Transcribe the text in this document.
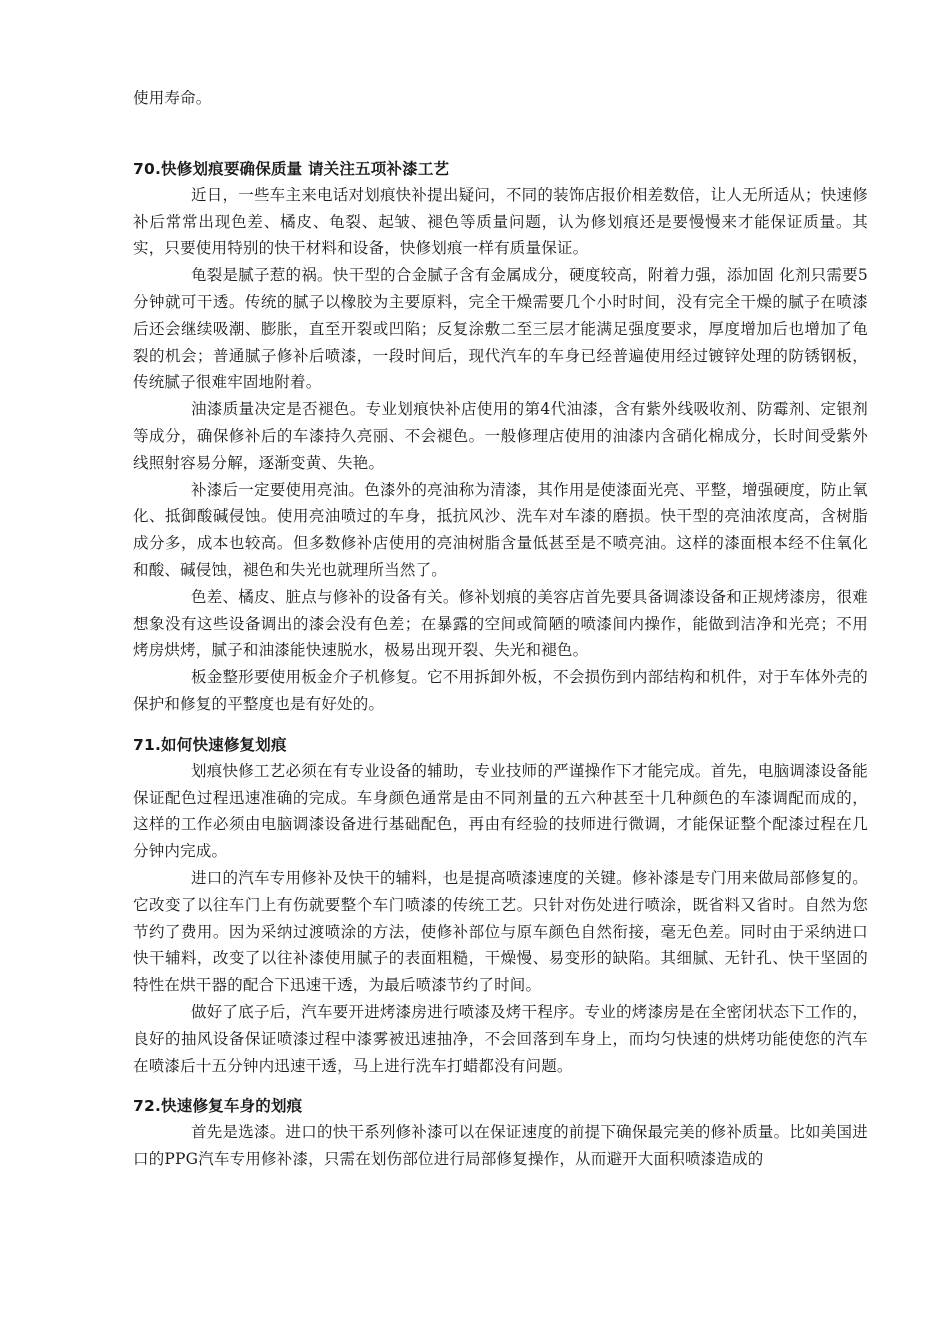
使用寿命。

70.快修划痕要确保质量 请关注五项补漆工艺

近日，一些车主来电话对划痕快补提出疑问，不同的装饰店报价相差数倍，让人无所适从；快速修补后常常出现色差、橘皮、龟裂、起皱、褪色等质量问题，认为修划痕还是要慢慢来才能保证质量。其实，只要使用特别的快干材料和设备，快修划痕一样有质量保证。

龟裂是腻子惹的祸。快干型的合金腻子含有金属成分，硬度较高，附着力强，添加固 化剂只需要5分钟就可干透。传统的腻子以橡胶为主要原料，完全干燥需要几个小时时间，没有完全干燥的腻子在喷漆后还会继续吸潮、膨胀，直至开裂或凹陷；反复涂敷二至三层才能满足强度要求，厚度增加后也增加了龟裂的机会；普通腻子修补后喷漆，一段时间后，现代汽车的车身已经普遍使用经过镀锌处理的防锈钢板，传统腻子很难牢固地附着。

油漆质量决定是否褪色。专业划痕快补店使用的第4代油漆，含有紫外线吸收剂、防霉剂、定银剂等成分，确保修补后的车漆持久亮丽、不会褪色。一般修理店使用的油漆内含硝化棉成分，长时间受紫外线照射容易分解，逐渐变黄、失艳。

补漆后一定要使用亮油。色漆外的亮油称为清漆，其作用是使漆面光亮、平整，增强硬度，防止氧化、抵御酸碱侵蚀。使用亮油喷过的车身，抵抗风沙、洗车对车漆的磨损。快干型的亮油浓度高，含树脂成分多，成本也较高。但多数修补店使用的亮油树脂含量低甚至是不喷亮油。这样的漆面根本经不住氧化和酸、碱侵蚀，褪色和失光也就理所当然了。

色差、橘皮、脏点与修补的设备有关。修补划痕的美容店首先要具备调漆设备和正规烤漆房，很难想象没有这些设备调出的漆会没有色差；在暴露的空间或简陋的喷漆间内操作，能做到洁净和光亮；不用烤房烘烤，腻子和油漆能快速脱水，极易出现开裂、失光和褪色。

板金整形要使用板金介子机修复。它不用拆卸外板，不会损伤到内部结构和机件，对于车体外壳的保护和修复的平整度也是有好处的。

71.如何快速修复划痕

划痕快修工艺必须在有专业设备的辅助，专业技师的严谨操作下才能完成。首先，电脑调漆设备能保证配色过程迅速准确的完成。车身颜色通常是由不同剂量的五六种甚至十几种颜色的车漆调配而成的，这样的工作必须由电脑调漆设备进行基础配色，再由有经验的技师进行微调，才能保证整个配漆过程在几分钟内完成。

进口的汽车专用修补及快干的辅料，也是提高喷漆速度的关键。修补漆是专门用来做局部修复的。它改变了以往车门上有伤就要整个车门喷漆的传统工艺。只针对伤处进行喷涂，既省料又省时。自然为您节约了费用。因为采纳过渡喷涂的方法，使修补部位与原车颜色自然衔接，毫无色差。同时由于采纳进口快干辅料，改变了以往补漆使用腻子的表面粗糙，干燥慢、易变形的缺陷。其细腻、无针孔、快干坚固的特性在烘干器的配合下迅速干透，为最后喷漆节约了时间。

做好了底子后，汽车要开进烤漆房进行喷漆及烤干程序。专业的烤漆房是在全密闭状态下工作的，良好的抽风设备保证喷漆过程中漆雾被迅速抽净，不会回落到车身上，而均匀快速的烘烤功能使您的汽车在喷漆后十五分钟内迅速干透，马上进行洗车打蜡都没有问题。

72.快速修复车身的划痕

首先是选漆。进口的快干系列修补漆可以在保证速度的前提下确保最完美的修补质量。比如美国进口的PPG汽车专用修补漆，只需在划伤部位进行局部修复操作，从而避开大面积喷漆造成的
